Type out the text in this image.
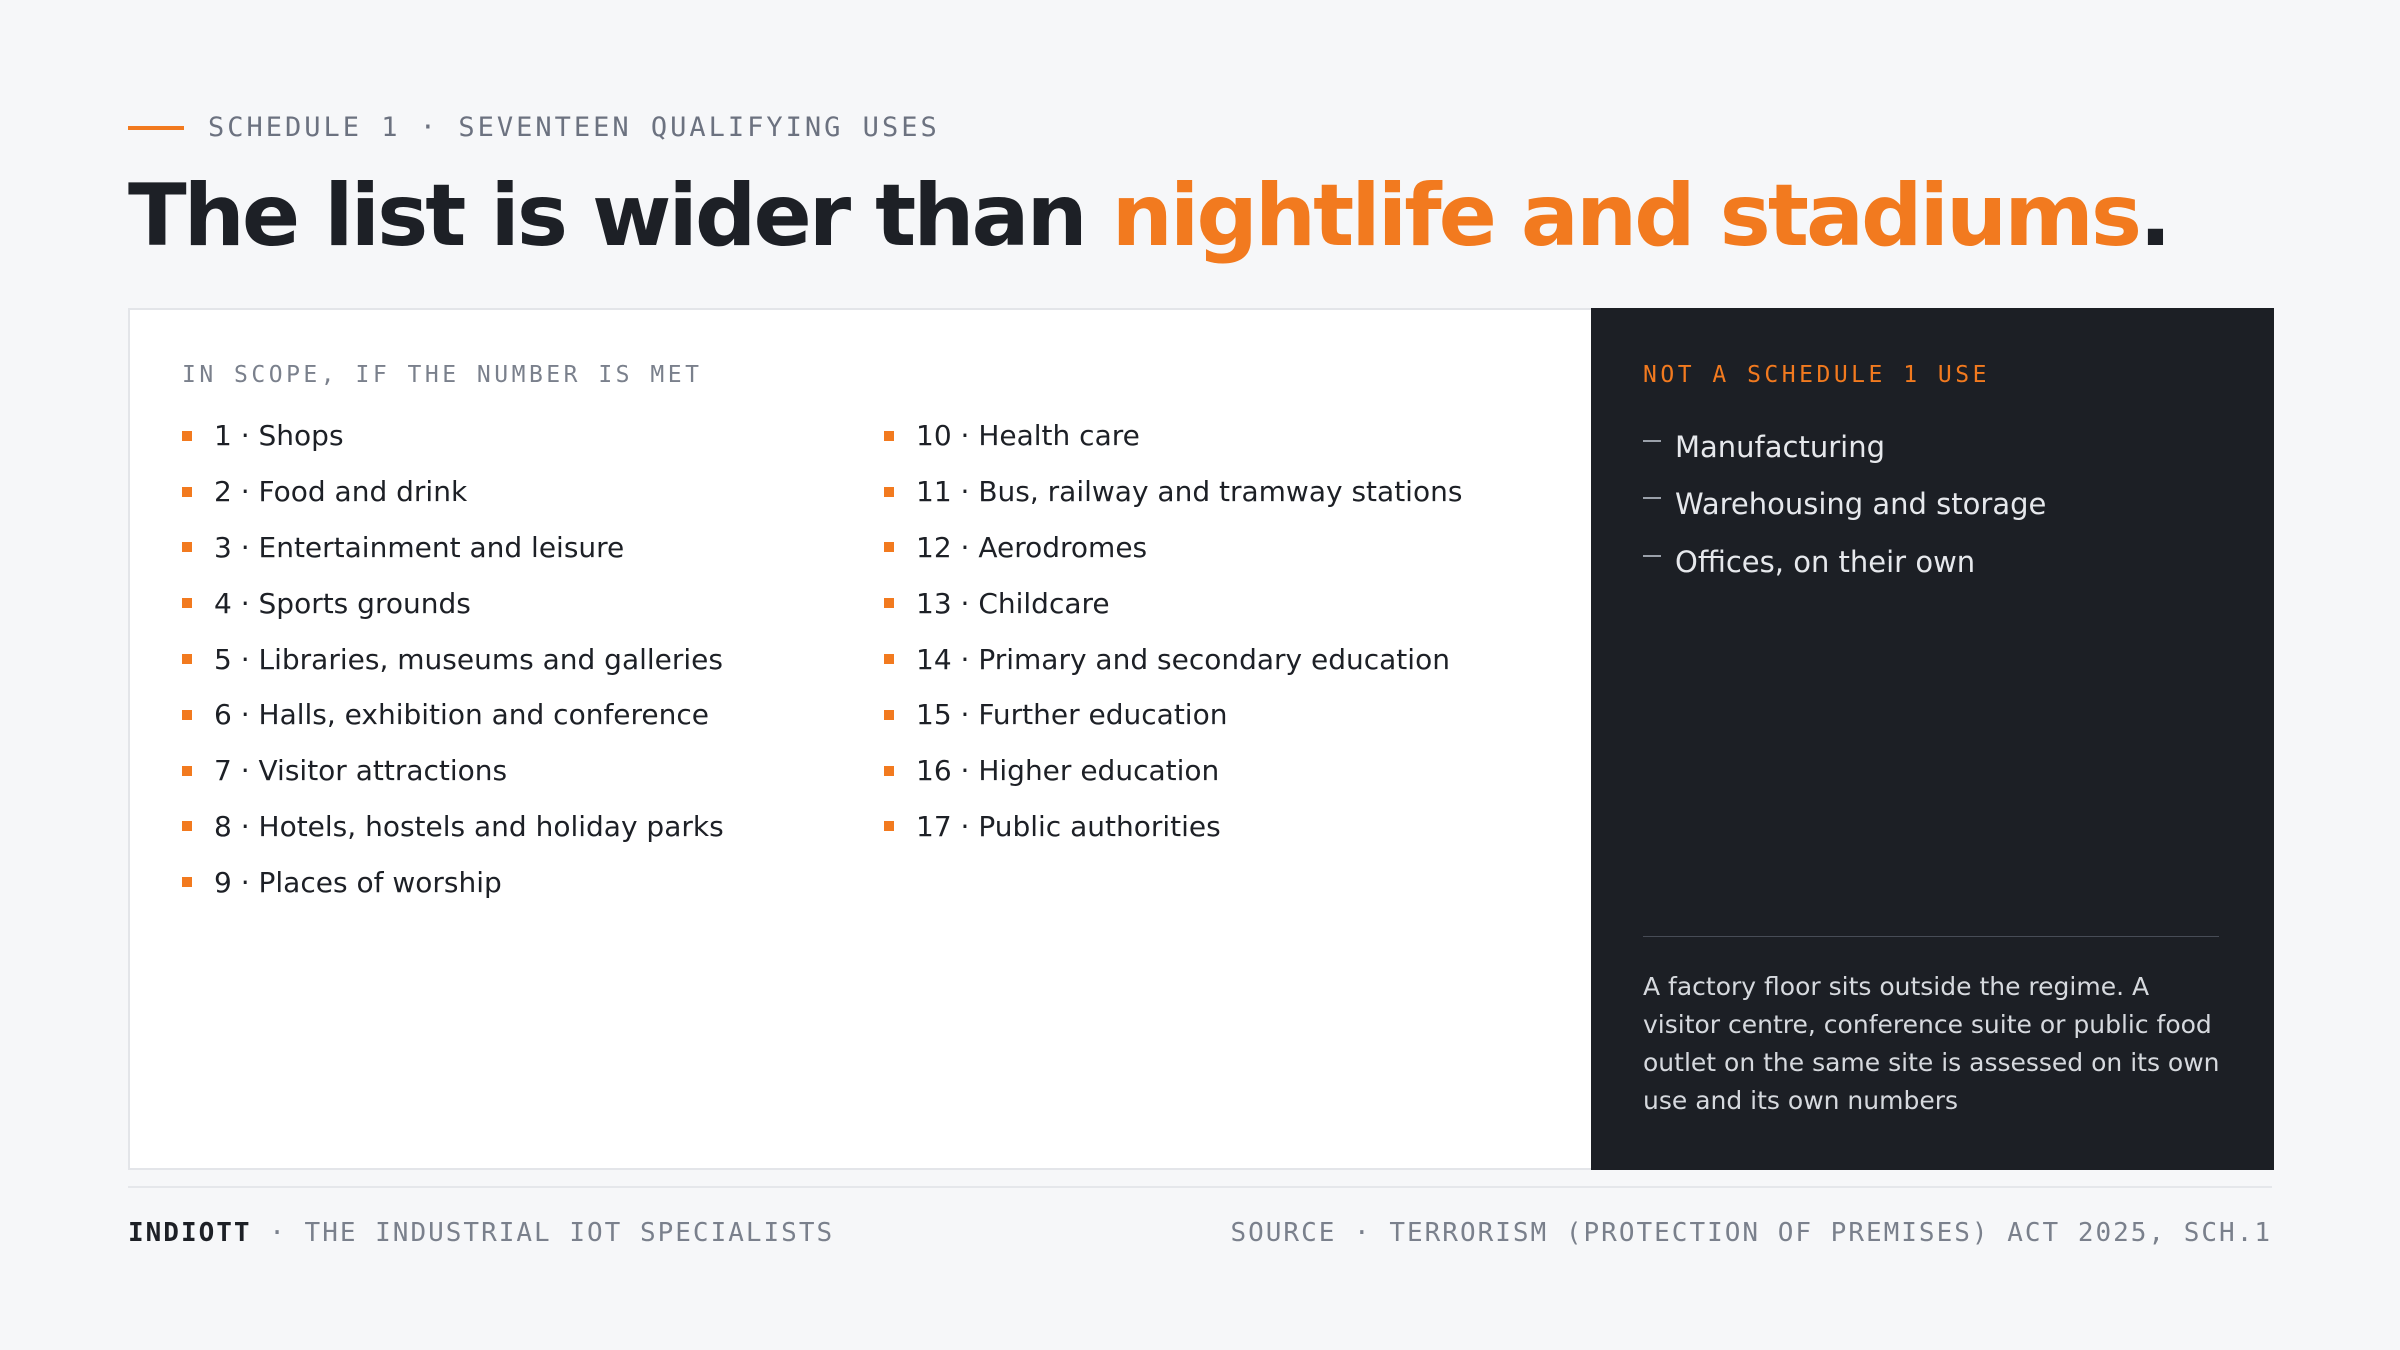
SCHEDULE 1 · SEVENTEEN QUALIFYING USES
The list is wider than nightlife and stadiums.
IN SCOPE, IF THE NUMBER IS MET
1 · Shops
2 · Food and drink
3 · Entertainment and leisure
4 · Sports grounds
5 · Libraries, museums and galleries
6 · Halls, exhibition and conference
7 · Visitor attractions
8 · Hotels, hostels and holiday parks
9 · Places of worship
10 · Health care
11 · Bus, railway and tramway stations
12 · Aerodromes
13 · Childcare
14 · Primary and secondary education
15 · Further education
16 · Higher education
17 · Public authorities
NOT A SCHEDULE 1 USE
Manufacturing
Warehousing and storage
Offices, on their own

A factory floor sits outside the regime. A visitor centre, conference suite or public food outlet on the same site is assessed on its own use and its own numbers

INDIOTT · THE INDUSTRIAL IOT SPECIALISTS	SOURCE · TERRORISM (PROTECTION OF PREMISES) ACT 2025, SCH.1
